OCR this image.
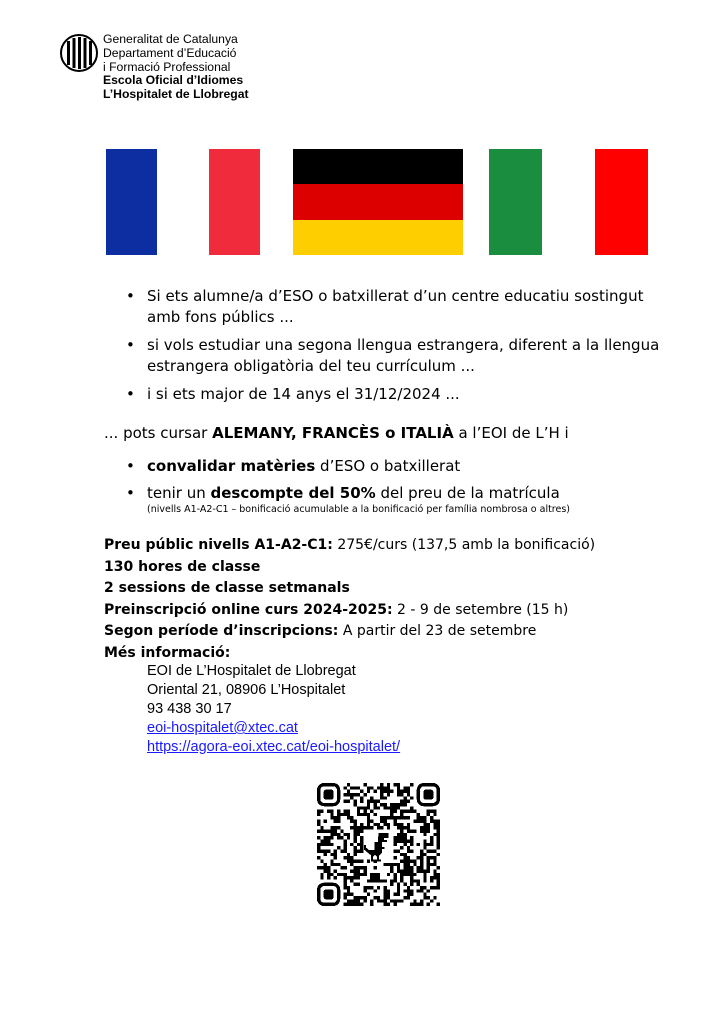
Generalitat de Catalunya
Departament d’Educació
i Formació Professional
Escola Oficial d’Idiomes
L’Hospitalet de Llobregat
• Si ets alumne/a d’ESO o batxillerat d’un centre educatiu sostingut amb fons públics ...
• si vols estudiar una segona llengua estrangera, diferent a la llengua estrangera obligatòria del teu currículum ...
• i si ets major de 14 anys el 31/12/2024 ...
... pots cursar ALEMANY, FRANCÈS o ITALIÀ a l’EOI de L’H i
• convalidar matèries d’ESO o batxillerat
• tenir un descompte del 50% del preu de la matrícula
(nivells A1-A2-C1 – bonificació acumulable a la bonificació per família nombrosa o altres)
Preu públic nivells A1-A2-C1: 275€/curs (137,5 amb la bonificació)
130 hores de classe
2 sessions de classe setmanals
Preinscripció online curs 2024-2025: 2 - 9 de setembre (15 h)
Segon període d’inscripcions: A partir del 23 de setembre
Més informació:
EOI de L’Hospitalet de Llobregat
Oriental 21, 08906 L’Hospitalet
93 438 30 17
eoi-hospitalet@xtec.cat
https://agora-eoi.xtec.cat/eoi-hospitalet/
